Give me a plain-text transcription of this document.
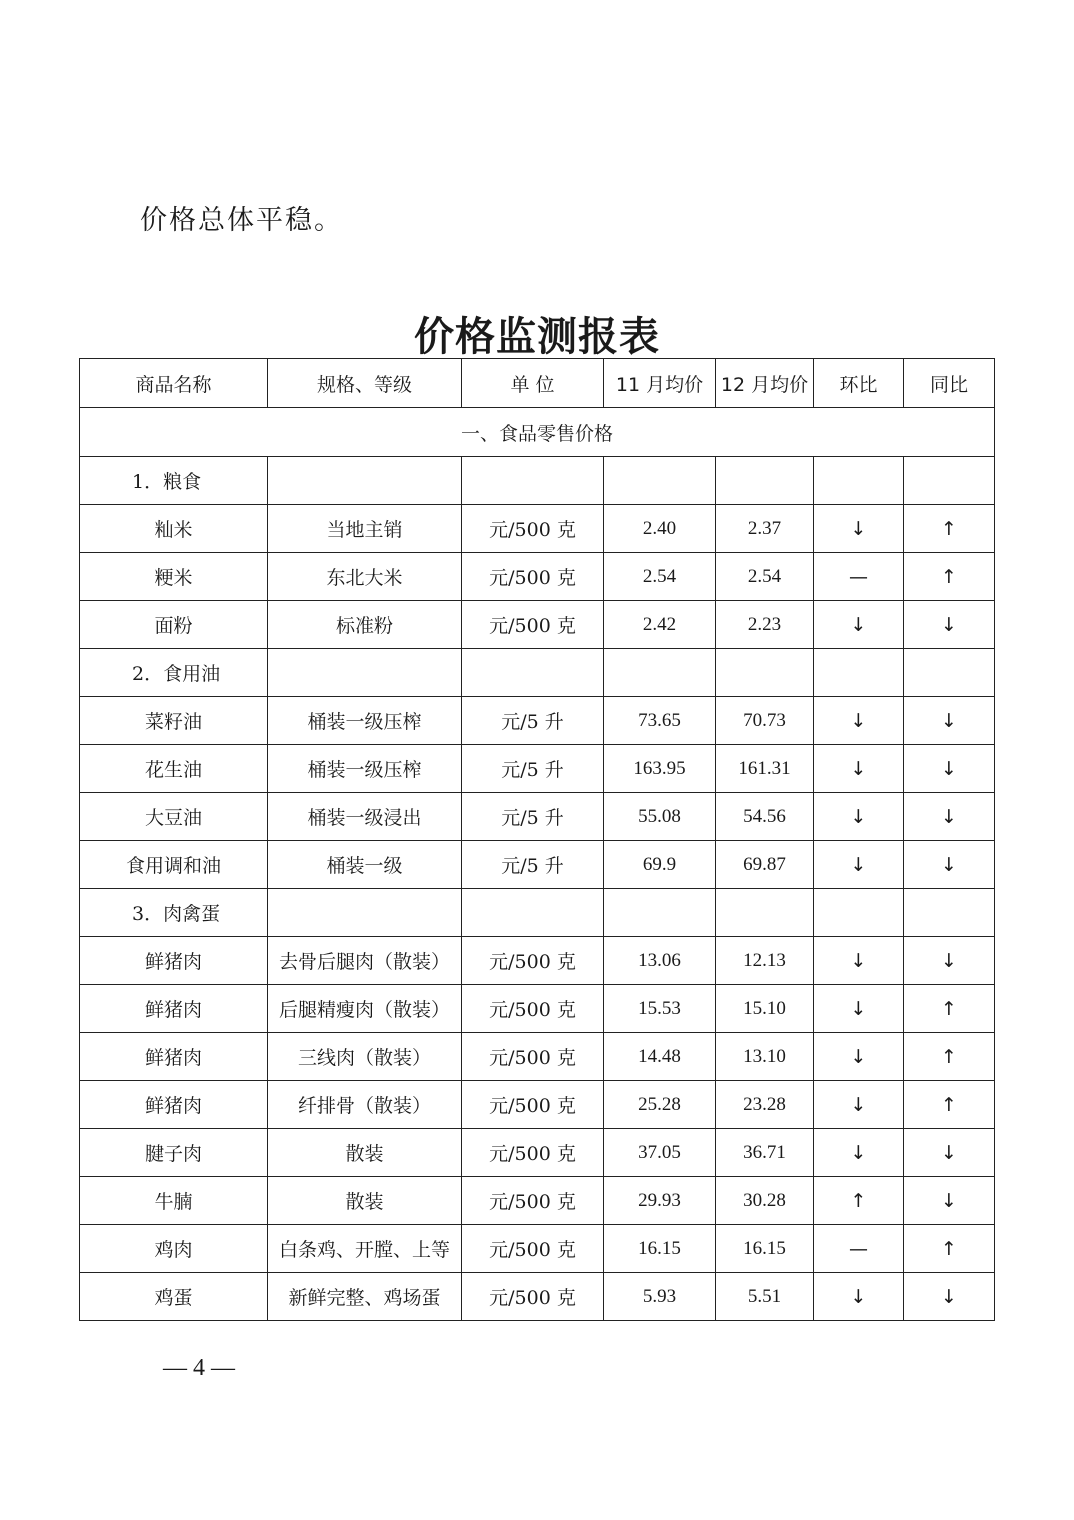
价格总体平稳。
价格监测报表
商品名称	规格、等级	单 位	11 月均价	12 月均价	环比	同比
一、食品零售价格						
1．粮食						
籼米	当地主销	元/500 克	2.40	2.37	↓	↑
粳米	东北大米	元/500 克	2.54	2.54	—	↑
面粉	标准粉	元/500 克	2.42	2.23	↓	↓
2．食用油						
菜籽油	桶装一级压榨	元/5 升	73.65	70.73	↓	↓
花生油	桶装一级压榨	元/5 升	163.95	161.31	↓	↓
大豆油	桶装一级浸出	元/5 升	55.08	54.56	↓	↓
食用调和油	桶装一级	元/5 升	69.9	69.87	↓	↓
3．肉禽蛋						
鲜猪肉	去骨后腿肉（散装）	元/500 克	13.06	12.13	↓	↓
鲜猪肉	后腿精瘦肉（散装）	元/500 克	15.53	15.10	↓	↑
鲜猪肉	三线肉（散装）	元/500 克	14.48	13.10	↓	↑
鲜猪肉	纤排骨（散装）	元/500 克	25.28	23.28	↓	↑
腱子肉	散装	元/500 克	37.05	36.71	↓	↓
牛腩	散装	元/500 克	29.93	30.28	↑	↓
鸡肉	白条鸡、开膛、上等	元/500 克	16.15	16.15	—	↑
鸡蛋	新鲜完整、鸡场蛋	元/500 克	5.93	5.51	↓	↓
— 4 —
